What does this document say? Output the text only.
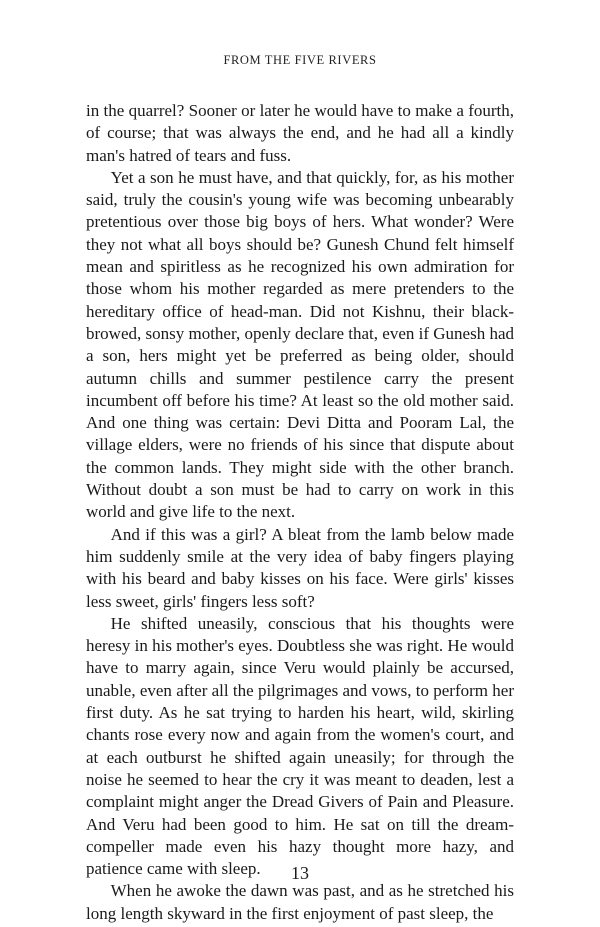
FROM THE FIVE RIVERS

in the quarrel? Sooner or later he would have to make a fourth, of course; that was always the end, and he had all a kindly man's hatred of tears and fuss.

Yet a son he must have, and that quickly, for, as his mother said, truly the cousin's young wife was becoming unbearably pretentious over those big boys of hers. What wonder? Were they not what all boys should be? Gunesh Chund felt himself mean and spiritless as he recognized his own admiration for those whom his mother regarded as mere pretenders to the hereditary office of head-man. Did not Kishnu, their black-browed, sonsy mother, openly declare that, even if Gunesh had a son, hers might yet be preferred as being older, should autumn chills and summer pestilence carry the present incumbent off before his time? At least so the old mother said. And one thing was certain: Devi Ditta and Pooram Lal, the village elders, were no friends of his since that dispute about the common lands. They might side with the other branch. Without doubt a son must be had to carry on work in this world and give life to the next.

And if this was a girl? A bleat from the lamb below made him suddenly smile at the very idea of baby fingers playing with his beard and baby kisses on his face. Were girls' kisses less sweet, girls' fingers less soft?

He shifted uneasily, conscious that his thoughts were heresy in his mother's eyes. Doubtless she was right. He would have to marry again, since Veru would plainly be accursed, unable, even after all the pilgrimages and vows, to perform her first duty. As he sat trying to harden his heart, wild, skirling chants rose every now and again from the women's court, and at each outburst he shifted again uneasily; for through the noise he seemed to hear the cry it was meant to deaden, lest a complaint might anger the Dread Givers of Pain and Pleasure. And Veru had been good to him. He sat on till the dream-compeller made even his hazy thought more hazy, and patience came with sleep.

When he awoke the dawn was past, and as he stretched his long length skyward in the first enjoyment of past sleep, the

13
